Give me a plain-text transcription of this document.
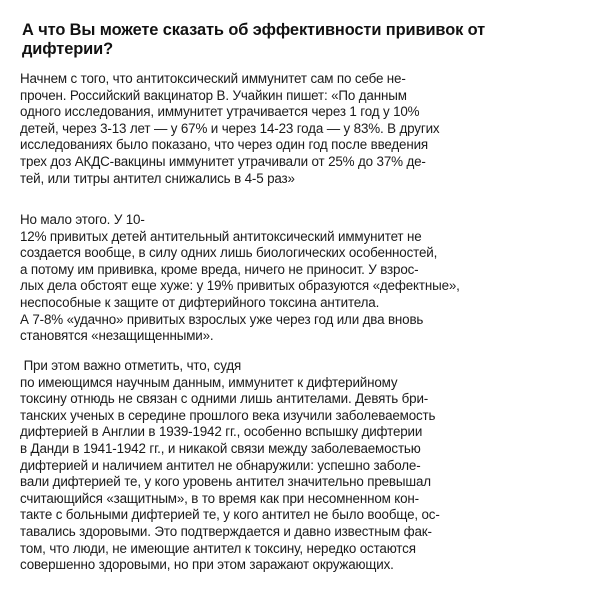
А что Вы можете сказать об эффективности прививок от
дифтерии?
Начнем с того, что антитоксический иммунитет сам по себе не-
прочен. Российский вакцинатор В. Учайкин пишет: «По данным
одного исследования, иммунитет утрачивается через 1 год у 10%
детей, через 3-13 лет — у 67% и через 14-23 года — у 83%. В других
исследованиях было показано, что через один год после введения
трех доз АКДС-вакцины иммунитет утрачивали от 25% до 37% де-
тей, или титры антител снижались в 4-5 раз»
Но мало этого. У 10-
12% привитых детей антительный антитоксический иммунитет не
создается вообще, в силу одних лишь биологических особенностей,
а потому им прививка, кроме вреда, ничего не приносит. У взрос-
лых дела обстоят еще хуже: у 19% привитых образуются «дефектные»,
неспособные к защите от дифтерийного токсина антитела.
А 7-8% «удачно» привитых взрослых уже через год или два вновь
становятся «незащищенными».
При этом важно отметить, что, судя
по имеющимся научным данным, иммунитет к дифтерийному
токсину отнюдь не связан с одними лишь антителами. Девять бри-
танских ученых в середине прошлого века изучили заболеваемость
дифтерией в Англии в 1939-1942 гг., особенно вспышку дифтерии
в Данди в 1941-1942 гг., и никакой связи между заболеваемостью
дифтерией и наличием антител не обнаружили: успешно заболе-
вали дифтерией те, у кого уровень антител значительно превышал
считающийся «защитным», в то время как при несомненном кон-
такте с больными дифтерией те, у кого антител не было вообще, ос-
тавались здоровыми. Это подтверждается и давно известным фак-
том, что люди, не имеющие антител к токсину, нередко остаются
совершенно здоровыми, но при этом заражают окружающих.
